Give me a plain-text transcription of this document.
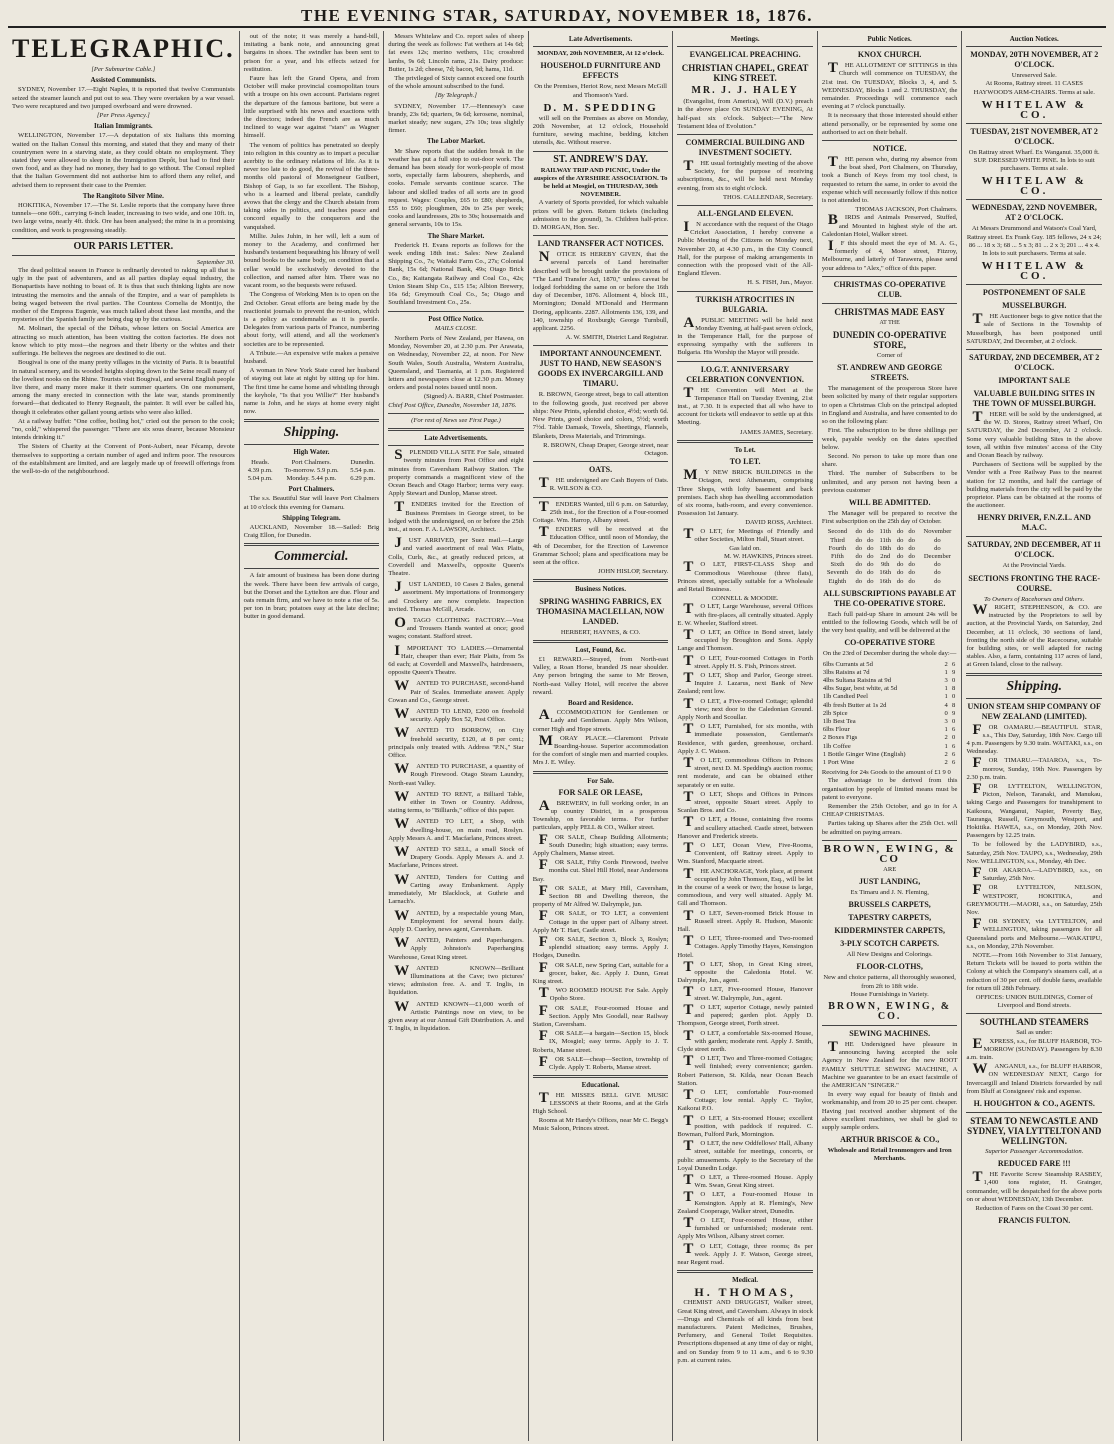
THE EVENING STAR, SATURDAY, NOVEMBER 18, 1876.
TELEGRAPHIC.
[Per Submarine Cable.]
Assisted Communists.

SYDNEY, November 17.—Eight Naples, it is reported that twelve Communists seized the steamer launch and put out to sea. They were overtaken by a war vessel. Two were recaptured and two jumped overboard and were drowned.

[Per Press Agency.]
Italian Immigrants.

WELLINGTON, November 17.—A deputation of six Italians this morning waited on the Italian Consul this morning, and stated that they and many of their countrymen were in a starving state, as they could obtain no employment. They stated they were allowed to sleep in the Immigration Depôt, but had to find their own food, and as they had no money, they had to go without. The Consul replied that the Italian Government did not authorise him to afford them any relief, and advised them to represent their case to the Premier.

The Rangitoto Silver Mine.

HOKITIKA, November 17.—The St. Leslie reports that the company have three tunnels—one 60ft., carrying 6-inch leader, increasing to two wide, and one 10ft. in, two large veins, nearly 4ft. thick. Ore has been analysed; the mine is in a promising condition, and work is progressing steadily.

OUR PARIS LETTER.
September 30.

The dead political season in France is ordinarily devoted to raking up all that is ugly in the past of adventurers, and as all parties display equal industry, the Bonapartists have nothing to boast of. It is thus that such thinking lights are now intrusting the memoirs and the annals of the Empire, and a war of pamphlets is being waged between the rival parties. The Countess Cornelia de Montijo, the mother of the Empress Eugenie, was much talked about these last months, and the mysteries of the Spanish family are being dug up by the curious.

M. Molinari, the special of the Débats, whose letters on Social America are attracting so much attention, has been visiting the cotton factories. He does not know which to pity most—the negroes and their liberty or the whites and their sufferings. He believes the negroes are destined to die out.

Bougival is one of the many pretty villages in the vicinity of Paris. It is beautiful in natural scenery, and its wooded heights sloping down to the Seine recall many of the loveliest nooks on the Rhine. Tourists visit Bougival, and several English people live there, and many more make it their summer quarters. On one monument, among the many erected in connection with the late war, stands prominently forward—that dedicated to Henry Regnault, the painter. It will ever be called his, though it celebrates other gallant young artists who were also killed.

At a railway buffet: "One coffee, boiling hot," cried out the person to the cook; "no, cold," whispered the passenger. "There are six sous dearer, because Monsieur intends drinking it."

The Sisters of Charity at the Convent of Pont-Aubert, near Fécamp, devote themselves to supporting a certain number of aged and infirm poor. The resources of the establishment are limited, and are largely made up of freewill offerings from the well-to-do of the neighbourhood.

out of the note; it was merely a hand-bill, imitating a bank note, and announcing great bargains in shoes. The swindler has been sent to prison for a year, and his effects seized for restitution.

Faure has left the Grand Opera, and from October will make provincial cosmopolitan tours with a troupe on his own account. Parisians regret the departure of the famous baritone, but were a little surprised with his news and exactions with the directors; indeed the French are as much inclined to wage war against "stars" as Wagner himself.

The venom of politics has penetrated so deeply into religion in this country as to impart a peculiar acerbity to the ordinary relations of life. As it is never too late to do good, the revival of the three-months old pastoral of Monseigneur Guilbert, Bishop of Gap, is so far excellent. The Bishop, who is a learned and liberal prelate, candidly avows that the clergy and the Church abstain from taking sides in politics, and teaches peace and concord equally to the conquerors and the vanquished.

Millie. Jules Juhin, in her will, left a sum of money to the Academy, and confirmed her husband's testament bequeathing his library of well bound books to the same body, on condition that a cellar would be exclusively devoted to the collection, and named after him. There was no vacant room, so the bequests were refused.

The Congress of Working Men is to open on the 2nd October. Great efforts are being made by the reactionist journals to prevent the re-union, which is a policy as condemnable as it is puerile. Delegates from various parts of France, numbering about forty, will attend, and all the workmen's societies are to be represented.

A Tribute.—An expensive wife makes a pensive husband.

A woman in New York State cured her husband of staying out late at night by sitting up for him. The first time he came home and whistling through the keyhole, "Is that you Willie?" Her husband's name is John, and he stays at home every night now.

Shipping.
High Water.
Heads.	Port Chalmers.	Dunedin.
4.39 p.m.	To-morrow. 5.9 p.m.	5.54 p.m.
5.04 p.m.	Monday. 5.44 p.m.	6.29 p.m.
Port Chalmers.

The s.s. Beautiful Star will leave Port Chalmers at 10 o'clock this evening for Oamaru.

Shipping Telegram.

AUCKLAND, November 18.—Sailed: Brig Craig Ellon, for Dunedin.

Commercial.

A fair amount of business has been done during the week. There have been few arrivals of cargo, but the Dorset and the Lyttelton are due. Flour and oats remain firm, and we have to note a rise of 5s. per ton in bran; potatoes easy at the late decline; butter in good demand.

Messrs Whitelaw and Co. report sales of sheep during the week as follows: Fat wethers at 14s 6d; fat ewes 12s; merino wethers, 11s; crossbred lambs, 9s 6d; Lincoln rams, 21s. Dairy produce: Butter, 1s 2d; cheese, 7d; bacon, 9d; hams, 11d.

The privileged of Sixty cannot exceed one fourth of the whole amount subscribed to the fund.

[By Telegraph.]

SYDNEY, November 17.—Hennessy's case brandy, 23s 6d; quarters, 9s 6d; kerosene, nominal, market steady; new sugars, 27s 10s; teas slightly firmer.

The Labor Market.

Mr Shaw reports that the sudden break in the weather has put a full stop to out-door work. The demand has been steady for work-people of most sorts, especially farm labourers, shepherds, and cooks. Female servants continue scarce. The labour and skilled trades of all sorts are in good request. Wages: Couples, £65 to £80; shepherds, £55 to £60; ploughmen, 20s to 25s per week; cooks and laundresses, 20s to 30s; housemaids and general servants, 10s to 15s.

The Share Market.

Frederick H. Evans reports as follows for the week ending 18th inst.: Sales: New Zealand Shipping Co., 7s; Waitaki Farm Co., 27s; Colonial Bank, 15s 6d; National Bank, 49s; Otago Brick Co., 8s; Kaitangata Railway and Coal Co., 42s; Union Steam Ship Co., £15 15s; Albion Brewery, 16s 6d; Greymouth Coal Co., 5s; Otago and Southland Investment Co., 25s.

Post Office Notice.
MAILS CLOSE.

Northern Ports of New Zealand, per Hawea, on Monday, November 20, at 2.30 p.m. Per Arawata, on Wednesday, November 22, at noon. For New South Wales, South Australia, Western Australia, Queensland, and Tasmania, at 1 p.m. Registered letters and newspapers close at 12.30 p.m. Money orders and postal notes issued until noon.

(Signed) A. BARR, Chief Postmaster.
Chief Post Office, Dunedin, November 18, 1876.
(For rest of News see First Page.)
Late Advertisements.

SPLENDID VILLA SITE For Sale, situated twenty minutes from Post Office and eight minutes from Caversham Railway Station. The property commands a magnificent view of the Ocean Beach and Otago Harbor; terms very easy. Apply Stewart and Dunlop, Manse street.

TENDERS invited for the Erection of Business Premises in George street, to be lodged with the undersigned, on or before the 25th inst., at noon. F. A. LAWSON, Architect.

JUST ARRIVED, per Suez mail.—Large and varied assortment of real Wax Plaits, Colls, Curls, &c., at greatly reduced prices, at Coverdell and Maxwell's, opposite Queen's Theatre.

JUST LANDED, 10 Cases 2 Bales, general assortment. My importations of Ironmongery and Crockery are now complete. Inspection invited. Thomas McGill, Arcade.

OTAGO CLOTHING FACTORY.—Vest and Trousers Hands wanted at once; good wages; constant. Stafford street.

IMPORTANT TO LADIES.—Ornamental Hair, cheaper than ever; Hair Plaits, from 5s 6d each; at Coverdell and Maxwell's, hairdressers, opposite Queen's Theatre.

WANTED TO PURCHASE, second-hand Pair of Scales. Immediate answer. Apply Cowan and Co., George street.

WANTED TO LEND, £200 on freehold security. Apply Box 52, Post Office.

WANTED TO BORROW, on City freehold security, £120, at 8 per cent.; principals only treated with. Address "P.N.," Star Office.

WANTED TO PURCHASE, a quantity of Rough Firewood. Otago Steam Laundry, North-east Valley.

WANTED TO RENT, a Billiard Table, either in Town or Country. Address, stating terms, to "Billiards," office of this paper.

WANTED TO LET, a Shop, with dwelling-house, on main road, Roslyn. Apply Messrs A. and T. Macfarlane, Princes street.

WANTED TO SELL, a small Stock of Drapery Goods. Apply Messrs A. and J. Macfarlane, Princes street.

WANTED, Tenders for Cutting and Carting away Embankment. Apply immediately, Mr Blacklock, at Guthrie and Larnach's.

WANTED, by a respectable young Man, Employment for several hours daily. Apply D. Cuerley, news agent, Caversham.

WANTED, Painters and Paperhangers. Apply Johnston's Paperhanging Warehouse, Great King street.

WANTED KNOWN—Brilliant Illuminations at the Cave; two pictures' views; admission free. A. and T. Inglis, in liquidation.

WANTED KNOWN—£1,000 worth of Artistic Paintings now on view, to be given away at our Annual Gift Distribution. A. and T. Inglis, in liquidation.

Late Advertisements.
MONDAY, 20th NOVEMBER, At 12 o'clock.
HOUSEHOLD FURNITURE AND EFFECTS
On the Premises, Heriot Row, next Messrs McGill and Thomson's Yard.
D. M. SPEDDING

will sell on the Premises as above on Monday, 20th November, at 12 o'clock, Household furniture, sewing machine, bedding, kitchen utensils, &c. Without reserve.

ST. ANDREW'S DAY.
RAILWAY TRIP AND PICNIC, Under the auspices of the AYRSHIRE ASSOCIATION. To be held at Mosgiel, on THURSDAY, 30th NOVEMBER.

A variety of Sports provided, for which valuable prizes will be given. Return tickets (including admission to the ground), 3s. Children half-price. D. MORGAN, Hon. Sec.

LAND TRANSFER ACT NOTICES.

NOTICE IS HEREBY GIVEN, that the several parcels of Land hereinafter described will be brought under the provisions of "The Land Transfer Act, 1870," unless caveat be lodged forbidding the same on or before the 16th day of December, 1876. Allotment 4, block III., Mornington; Donald M'Donald and Herrmann Doring, applicants. 2287. Allotments 136, 139, and 140, township of Roxburgh; George Turnbull, applicant. 2256.

A. W. SMITH, District Land Registrar.
IMPORTANT ANNOUNCEMENT. JUST TO HAND, NEW SEASON'S GOODS EX INVERCARGILL AND TIMARU.

R. BROWN, George street, begs to call attention to the following goods, just received per above ships: New Prints, splendid choice, 4½d; worth 6d. New Prints, good choice and colors, 5½d; worth 7½d. Table Damask, Towels, Sheetings, Flannels, Blankets, Dress Materials, and Trimmings.

R. BROWN, Cheap Draper, George street, near Octagon.
OATS.

THE undersigned are Cash Buyers of Oats. R. WILSON & CO.

TENDERS Wanted, till 6 p.m. on Saturday, 25th inst., for the Erection of a Four-roomed Cottage. Wm. Harrop, Albany street.

TENDERS will be received at the Education Office, until noon of Monday, the 4th of December, for the Erection of Lawrence Grammar School; plans and specifications may be seen at the office.

JOHN HISLOP, Secretary.
Business Notices.
SPRING WASHING FABRICS, EX THOMASINA MACLELLAN, NOW LANDED.
HERBERT, HAYNES, & CO.
Lost, Found, &c.

£1 REWARD.—Strayed, from North-east Valley, a Roan Horse, branded JS near shoulder. Any person bringing the same to Mr Brown, North-east Valley Hotel, will receive the above reward.

Board and Residence.

ACCOMMODATION for Gentlemen or Lady and Gentleman. Apply Mrs Wilson, corner High and Hope streets.

MORAY PLACE.—Claremont Private Boarding-house. Superior accommodation for the comfort of single men and married couples. Mrs J. E. Wiley.

For Sale.
FOR SALE OR LEASE,

ABREWERY, in full working order, in an up country District, in a prosperous Township, on favorable terms. For further particulars, apply PELL & CO., Walker street.

FOR SALE, Cheap Building Allotments; South Dunedin; high situation; easy terms. Apply Chalmers, Manse street.

FOR SALE, Fifty Cords Firewood, twelve months cut. Shiel Hill Hotel, near Andersons Bay.

FOR SALE, at Mary Hill, Caversham, Section 88 and Dwelling thereon, the property of Mr Alfred W. Dalrymple, jun.

FOR SALE, or TO LET, a convenient Cottage in the upper part of Albany street. Apply Mr T. Hart, Castle street.

FOR SALE, Section 3, Block 3, Roslyn; splendid situation; easy terms. Apply J. Hodges, Dunedin.

FOR SALE, new Spring Cart, suitable for a grocer, baker, &c. Apply J. Dunn, Great King street.

TWO ROOMED HOUSE For Sale. Apply Opoho Store.

FOR SALE, Four-roomed House and Section. Apply Mrs Goodall, near Railway Station, Caversham.

FOR SALE—a bargain—Section 15, block IX, Mosgiel; easy terms. Apply to J. T. Roberts, Manse street.

FOR SALE—cheap—Section, township of Clyde. Apply T. Roberts, Manse street.

Educational.

THE MISSES BELL GIVE MUSIC LESSONS at their Rooms, and at the Girls High School.

Rooms at Mr Hardy's Offices, near Mr C. Begg's Music Saloon, Princes street.

Meetings.
EVANGELICAL PREACHING.
CHRISTIAN CHAPEL, GREAT KING STREET.
MR. J. J. HALEY

(Evangelist, from America), Will (D.V.) preach in the above place On SUNDAY EVENING, At half-past six o'clock. Subject:—"The New Testament Idea of Evolution."

COMMERCIAL BUILDING AND INVESTMENT SOCIETY.

THE usual fortnightly meeting of the above Society, for the purpose of receiving subscriptions, &c., will be held next Monday evening, from six to eight o'clock.

THOS. CALLENDAR, Secretary.
ALL-ENGLAND ELEVEN.

IN accordance with the request of the Otago Cricket Association, I hereby convene a Public Meeting of the Citizens on Monday next, November 20, at 4.30 p.m., in the City Council Hall, for the purpose of making arrangements in connection with the proposed visit of the All-England Eleven.

H. S. FISH, Jun., Mayor.
TURKISH ATROCITIES IN BULGARIA.

APUBLIC MEETING will be held next Monday Evening, at half-past seven o'clock, in the Temperance Hall, for the purpose of expressing sympathy with the sufferers in Bulgaria. His Worship the Mayor will preside.

I.O.G.T. ANNIVERSARY CELEBRATION CONVENTION.

THE Convention will Meet at the Temperance Hall on Tuesday Evening, 21st inst., at 7.30. It is expected that all who have to account for tickets will endeavor to settle up at this Meeting.

JAMES JAMES, Secretary.
To Let.
TO LET.

MY NEW BRICK BUILDINGS in the Octagon, next Athenæum, comprising Three Shops, with lofty basement and back premises. Each shop has dwelling accommodation of six rooms, bath-room, and every convenience. Possession 1st January.

DAVID ROSS, Architect.

TO LET, for Meetings of Friendly and other Societies, Milton Hall, Stuart street.

Gas laid on.
M. W. HAWKINS, Princes street.

TO LET, FIRST-CLASS Shop and Commodious Warehouse (three flats), Princes street, specially suitable for a Wholesale and Retail Business.

CONNELL & MOODIE.

TO LET, Large Warehouse, several Offices with fire-places, all centrally situated. Apply E. W. Wheeler, Stafford street.

TO LET, an Office in Bond street, lately occupied by Broughton and Sons. Apply Lange and Thomson.

TO LET, Four-roomed Cottages in Forth street. Apply H. S. Fish, Princes street.

TO LET, Shop and Parlor, George street. Inquire J. Lazarus, next Bank of New Zealand; rent low.

TO LET, a Five-roomed Cottage; splendid view; next door to the Caledonian Ground. Apply North and Scoullar.

TO LET, Furnished, for six months, with immediate possession, Gentleman's Residence, with garden, greenhouse, orchard. Apply J. C. Watson.

TO LET, commodious Offices in Princes street, next D. M. Spedding's auction rooms; rent moderate, and can be obtained either separately or en suite.

TO LET, Shops and Offices in Princes street, opposite Stuart street. Apply to Scanlan Bros. and Co.

TO LET, a House, containing five rooms and scullery attached. Castle street, between Hanover and Frederick streets.

TO LET, Ocean View, Five-Rooms, Convenient, off Rattray street. Apply to Wm. Stanford, Macquarie street.

THE ANCHORAGE, York place, at present occupied by John Thomson, Esq., will be let in the course of a week or two; the house is large, commodious, and very well situated. Apply M. Gill and Thomson.

TO LET, Seven-roomed Brick House in Russell street. Apply R. Hudson, Masonic Hall.

TO LET, Three-roomed and Two-roomed Cottages. Apply Timothy Hayes, Kensington Hotel.

TO LET, Shop, in Great King street, opposite the Caledonia Hotel. W. Dalrymple, Jun., agent.

TO LET, Five-roomed House, Hanover street. W. Dalrymple, Jun., agent.

TO LET, superior Cottage, newly painted and papered; garden plot. Apply D. Thompson, George street, Forth street.

TO LET, a comfortable Six-roomed House, with garden; moderate rent. Apply J. Smith, Clyde street north.

TO LET, Two and Three-roomed Cottages; well finished; every convenience; garden. Robert Patterson, St. Kilda, near Ocean Beach Station.

TO LET, comfortable Four-roomed Cottage; low rental. Apply C. Taylor, Kaikorai P.O.

TO LET, a Six-roomed House; excellent position, with paddock if required. C. Bowman, Fulford Park, Mornington.

TO LET, the new Oddfellows' Hall, Albany street, suitable for meetings, concerts, or public amusements. Apply to the Secretary of the Loyal Dunedin Lodge.

TO LET, a Three-roomed House. Apply Wm. Swan, Great King street.

TO LET, a Four-roomed House in Kensington. Apply at R. Fleming's, New Zealand Cooperage, Walker street, Dunedin.

TO LET, Four-roomed House, either furnished or unfurnished; moderate rent. Apply Mrs Wilson, Albany street corner.

TO LET, Cottage, three rooms; 8s per week. Apply J. F. Watson, George street, near Regent road.

Medical.
H. THOMAS,

CHEMIST AND DRUGGIST, Walker street, Great King street, and Caversham. Always in stock—Drugs and Chemicals of all kinds from best manufacturers. Patent Medicines, Brushes, Perfumery, and General Toilet Requisites. Prescriptions dispensed at any time of day or night, and on Sunday from 9 to 11 a.m., and 6 to 9.30 p.m. at current rates.

Public Notices.
KNOX CHURCH.

THE ALLOTMENT OF SITTINGS in this Church will commence on TUESDAY, the 21st inst. On TUESDAY, Blocks 3, 4, and 5. WEDNESDAY, Blocks 1 and 2. THURSDAY, the remainder. Proceedings will commence each evening at 7 o'clock punctually.

It is necessary that those interested should either attend personally, or be represented by some one authorised to act on their behalf.

NOTICE.

THE person who, during my absence from the boat shed, Port Chalmers, on Thursday, took a Bunch of Keys from my tool chest, is requested to return the same, in order to avoid the expense which will necessarily follow if this notice is not attended to.

THOMAS JACKSON, Port Chalmers.

BIRDS and Animals Preserved, Stuffed, and Mounted in highest style of the art. Caledonian Hotel, Walker street.

IF this should meet the eye of M. A. G., formerly of 4, Moor street, Fitzroy, Melbourne, and latterly of Tarawera, please send your address to "Alex," office of this paper.

CHRISTMAS CO-OPERATIVE CLUB.
CHRISTMAS MADE EASY
AT THE
DUNEDIN CO-OPERATIVE STORE,
Corner of
ST. ANDREW AND GEORGE STREETS.

The management of the prosperous Store have been solicited by many of their regular supporters to open a Christmas Club on the principal adopted in England and Australia, and have consented to do so on the following plan:

First. The subscription to be three shillings per week, payable weekly on the dates specified below.

Second. No person to take up more than one share.

Third. The number of Subscribers to be unlimited, and any person not having been a previous customer

WILL BE ADMITTED.

The Manager will be prepared to receive the First subscription on the 25th day of October.

Second	do	do	11th	do	do	November
Third	do	do	11th	do	do	do
Fourth	do	do	18th	do	do	do
Fifth	do	do	2nd	do	do	December
Sixth	do	do	9th	do	do	do
Seventh	do	do	16th	do	do	do
Eighth	do	do	16th	do	do	do
ALL SUBSCRIPTIONS PAYABLE AT THE CO-OPERATIVE STORE.

Each full paid-up Share in amount 24s will be entitled to the following Goods, which will be of the very best quality, and will be delivered at the

CO-OPERATIVE STORE
On the 23rd of December during the whole day:—
6lbs Currants at 5d	2	6
3lbs Raisins at 7d	1	9
4lbs Sultana Raisins at 9d	3	0
4lbs Sugar, best white, at 5d	1	8
1lb Candied Peel	1	0
4lb fresh Butter at 1s 2d	4	8
2lb Spice	0	9
1lb Best Tea	3	0
6lbs Flour	1	6
2 Boxes Figs	2	0
1lb Coffee	1	6
1 Bottle Ginger Wine (English)	2	6
1 Port Wine	2	6
Receiving for 24s Goods to the amount of £1 9 0

The advantage to be derived from this organisation by people of limited means must be patent to everyone.

Remember the 25th October, and go in for A CHEAP CHRISTMAS.

Parties taking up Shares after the 25th Oct. will be admitted on paying arrears.

BROWN, EWING, & CO
ARE
JUST LANDING,
Ex Timaru and J. N. Fleming,
BRUSSELS CARPETS,
TAPESTRY CARPETS,
KIDDERMINSTER CARPETS,
3-PLY SCOTCH CARPETS.
All New Designs and Colorings.
FLOOR-CLOTHS,
New and choice patterns, all thoroughly seasoned, from 2ft to 18ft wide.
House Furnishings in Variety.
BROWN, EWING, & CO.
SEWING MACHINES.

THE Undersigned have pleasure in announcing having accepted the sole Agency in New Zealand for the new ROOT FAMILY SHUTTLE SEWING MACHINE, A Machine we guarantee to be an exact facsimile of the AMERICAN "SINGER."

In every way equal for beauty of finish and workmanship, and from 20 to 25 per cent. cheaper. Having just received another shipment of the above excellent machines, we shall be glad to supply sample orders.

ARTHUR BRISCOE & CO.,
Wholesale and Retail Ironmongers and Iron Merchants.
Auction Notices.
MONDAY, 20TH NOVEMBER, AT 2 O'CLOCK.
Unreserved Sale.
At Rooms, Rattray street. 11 CASES HAYWOOD'S ARM-CHAIRS. Terms at sale.
WHITELAW & CO.
TUESDAY, 21ST NOVEMBER, AT 2 O'CLOCK.
On Rattray street Wharf. Ex Wanganui. 35,000 ft. SUP. DRESSED WHITE PINE. In lots to suit purchasers. Terms at sale.
WHITELAW & CO.
WEDNESDAY, 22ND NOVEMBER, AT 2 O'CLOCK.
At Messrs Drummond and Watson's Coal Yard, Rattray street. Ex Frank Guy. 185 fellows, 24 x 24; 86 ... 18 x 3; 68 ... 5 x 3; 81 ... 2 x 3; 201 ... 4 x 4. In lots to suit purchasers. Terms at sale.
WHITELAW & CO.
POSTPONEMENT OF SALE
MUSSELBURGH.

THE Auctioneer begs to give notice that the sale of Sections in the Township of Musselburgh, has been postponed until SATURDAY, 2nd December, at 2 o'clock.

SATURDAY, 2ND DECEMBER, AT 2 O'CLOCK.
IMPORTANT SALE
VALUABLE BUILDING SITES IN THE TOWN OF MUSSELBURGH.

THERE will be sold by the undersigned, at the W. D. Stores, Rattray street Wharf, On SATURDAY, the 2nd December, At 2 o'clock. Some very valuable building Sites in the above town, all within five minutes' access of the City and Ocean Beach by railway.

Purchasers of Sections will be supplied by the Vendor with a Free Railway Pass to the nearest station for 12 months, and half the carriage of building materials from the city will be paid by the proprietor. Plans can be obtained at the rooms of the auctioneer.

HENRY DRIVER, F.N.Z.L. AND M.A.C.
SATURDAY, 2ND DECEMBER, AT 11 O'CLOCK.
At the Provincial Yards.
SECTIONS FRONTING THE RACE-COURSE.
To Owners of Racehorses and Others.

WRIGHT, STEPHENSON, & CO. are instructed by the Proprietors to sell by auction, at the Provincial Yards, on Saturday, 2nd December, at 11 o'clock, 30 sections of land, fronting the north side of the Racecourse, suitable for building sites, or well adapted for racing stables. Also, a farm, containing 117 acres of land, at Green Island, close to the railway.

Shipping.
UNION STEAM SHIP COMPANY OF NEW ZEALAND (LIMITED).

FOR OAMARU.—BEAUTIFUL STAR, s.s., This Day, Saturday, 18th Nov. Cargo till 4 p.m. Passengers by 9.30 train. WAITAKI, s.s., on Wednesday.

FOR TIMARU.—TAIAROA, s.s., To-morrow, Sunday, 19th Nov. Passengers by 2.30 p.m. train.

FOR LYTTELTON, WELLINGTON, Picton, Nelson, Taranaki, and Manukau, taking Cargo and Passengers for transhipment to Kaikoura, Wanganui, Napier, Poverty Bay, Tauranga, Russell, Greymouth, Westport, and Hokitika. HAWEA, s.s., on Monday, 20th Nov. Passengers by 12.25 train.

To be followed by the LADYBIRD, s.s., Saturday, 25th Nov. TAUPO, s.s., Wednesday, 29th Nov. WELLINGTON, s.s., Monday, 4th Dec.

FOR AKAROA.—LADYBIRD, s.s., on Saturday, 25th Nov.

FOR LYTTELTON, NELSON, WESTPORT, HOKITIKA, and GREYMOUTH.—MAORI, s.s., on Saturday, 25th Nov.

FOR SYDNEY, via LYTTELTON, and WELLINGTON, taking passengers for all Queensland ports and Melbourne.—WAKATIPU, s.s., on Monday, 27th November.

NOTE.—From 16th November to 31st January, Return Tickets will be issued to ports within the Colony at which the Company's steamers call, at a reduction of 30 per cent. off double fares, available for return till 28th February.

OFFICES: UNION BUILDINGS, Corner of Liverpool and Bond streets.
SOUTHLAND STEAMERS
Sail as under:

EXPRESS, s.s., for BLUFF HARBOR, TO-MORROW (SUNDAY). Passengers by 8.30 a.m. train.

WANGANUI, s.s., for BLUFF HARBOR, ON WEDNESDAY NEXT, Cargo for Invercargill and Inland Districts forwarded by rail from Bluff at Consignees' risk and expense.

H. HOUGHTON & CO., AGENTS.
STEAM TO NEWCASTLE AND SYDNEY, VIA LYTTELTON AND WELLINGTON.
Superior Passenger Accommodation.
REDUCED FARE !!!

THE Favorite Screw Steamship RASBEY, 1,400 tons register, H. Grainger, commander, will be despatched for the above ports on or about WEDNESDAY, 13th December.

Reduction of Fares on the Coast 30 per cent.
FRANCIS FULTON.
